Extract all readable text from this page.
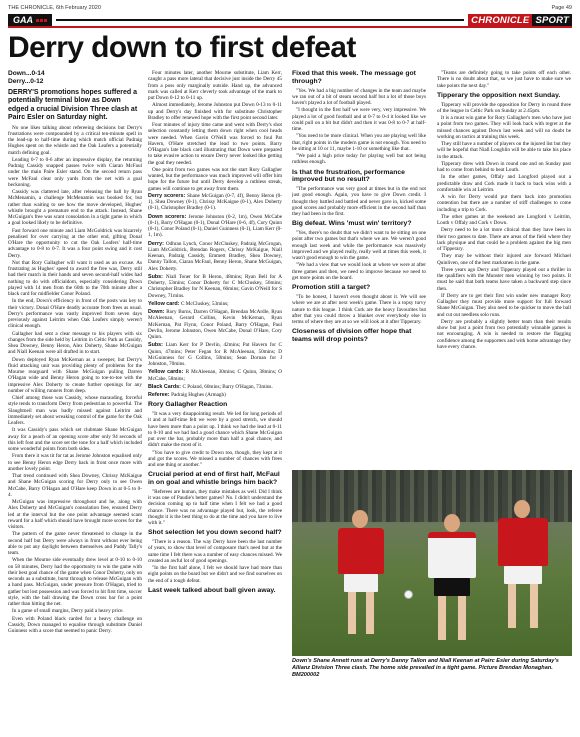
THE CHRONICLE, 6th February 2020	Page 49
GAA	CHRONICLE SPORT
Derry down to first defeat
Down...0-14
Derry...0-12
DERRY'S promotions hopes suffered a potentially terminal blow as Down edged a crucial Division Three clash at Pairc Esler on Saturday night.

No one likes talking about refereeing decisions but Derry's frustrations were compounded by a critical ten-minute spell in the lead-up to half-time during which match official Padraig Hughes spent on the whistle and the Oak Leafers a potentially match defining goal.

Leading 0-7 to 0-6 after an impressive display, the returning Padraig Cassidy snapped passes twice with Ciaran McFaul under the main Paire Esler stand. On the second return pass were McFaul clear only yards from the net with a goal beckoning.

Cassidy was clattered late, after releasing the ball by Ryan McMenamin, a challenge McMenamin was booked for, but rather than waiting to see how the move developed, Hughes' whistle brought a premature end to the attack. Instead, Shane McGuigan's free was scant consolation in a tight game in which a goal looked likely to be definitive.

Fast forward one minute and Liam McGoldrick was bizarrely penalised for over carrying at the other end, gifting Donal O'Hare the opportunity to cut the Oak Leafers' half-time advantage to 0-8 to 0-7. It was a four point swing and it cost Derry.

Not that Rory Gallagher will want it used as an excuse. As frustrating as Hughes' speed to award the free was, Derry still had their match in their hands and seven second-half wides had nothing to do with officialdom, especially considering Down played with 14 men from the 60th to the 70th minute after a black card for midfielder Conor Poland.

In the end, Down's efficiency in front of the posts was key to their victory. Donal O'Hare deadly accurate from frees as usual. Derry's performance was vastly improved from seven days previously against Leitrim when Oak Leafers simply weren't clinical enough.

Gallagher had sent a clear message to his players with six changes from the side held by Leitrim in Celtic Park as Cassidy, Shea Downey, Benny Heron, Alex Doherty, Shane McGuigan and Niall Keenan were all drafted in to start.

Down deployed Ryan McKernan as a sweeper, but Derry's fluid attacking unit was providing plenty of problems for the Mourne rearguard with Shane McGuigan pulling Darren O'Hagan wide and Benny Heron going to toe-to-toe with the impressive Alex Doherty to create further openings for any number of willing runners from deep.

Chief among those was Cassidy, whose marauding, forceful style tends to transform Derry from pedestrian to powerful. The Slaughtneil man was badly missed against Leitrim and immediately set about wreaking control of the game for the Oak Leafers.

It was Cassidy's pass which set clubmate Shane McGuigan away for a peach of an opening score after only 94 seconds of this left foot and the score set the tone for a half which included some wonderful points from both sides.

From there it was tit for tat as Jerome Johnston equalised only to see Benny Heron edge Derry back in front once more with another lovely point.

That trend continued with Shea Downey, Chrissy McKaigue and Shane McGuigan scoring for Derry only to see Owen McCabe, Barry O'Hagan and O'Hare keep Down in at 0-5 to 0-4.

McGuigan was impressive throughout and he, along with Alex Doherty and McGuigan's consolation free, ensured Derry led at the interval but the one point advantage seemed scant reward for a half which should have brought more scores for the visitors.

The pattern of the game never threatened to change in the second half but Derry were always in front without ever being able to put any daylight between themselves and Paddy Tally's team.

When the Mourne side eventually drew level at 0-10 to 0-10 on 58 minutes, Derry had the opportunity to win the game with their best goal chance of the game when Conor Doherty, only on seconds as a substitute, burst through to release McGuigan with a hand pass. McGuigan, under pressure from O'Hagan, tried to gather but lost possession and was forced to hit first time, soccer style, with the ball drawing the Down cross bar for a point rather than hitting the net.

In a game of small margins, Derry paid a heavy price.

Even with Poland black carded for a heavy challenge on Cassidy, Down managed to equalise through substitute Daniel Guinness with a score that seemed to panic Derry.

Four minutes later, another Mourne substitute, Liam Kerr, caught a pass more lateral that decisive just inside the Derry 45 from a poss only marginally outside. Hand up, the advanced mark was called at Kerr cleverly took advantage of the mark to put Down 0-12 to 0-11 up.

Almost immediately, Jerome Johnston put Down 0-13 to 0-11 up and Derry's day finished with for substitute Christopher Bradley to offer renewed hope with the first point second later.

Four minutes of injury time came and went with Derry's shot selection constantly letting them down right when cool heads were needed. When Gavin O'Neill was forced to foul Pat Havern, O'Hare stretched the lead to two points. Barry O'Hagan's late black card illustrating that Down were prepared to take evasive action to ensure Derry never looked like getting the goal they needed.

One point from two games was not the start Rory Gallagher wanted, but the performance was much improved will offer him hope for the future but until Derry develop a ruthless streak, games will continue to get away from them.

Derry scorers: Shane McGuigan (0-7, 4f), Benny Heron (0-1), Shea Downey (0-1), Chrissy McKaigue (0-1), Alex Doherty (0-1), Christopher Bradley (0-1).

Down scorers: Jerome Johnston (0-2, 1m), Owen McCabe (0-1), Barry O'Hagan (0-1), Donal O'Hare (0-6, 4f), Cory Quinn (0-1), Conor Poland (0-1), Daniel Guinness (0-1), Liam Kerr (0-1, 1m).

Derry: Odhran Lynch, Conor McCluskey, Padraig McGrogan, Liam McGoldrick, Brendan Rogers, Chrissy McKaigue, Niall Keenan, Padraig Cassidy, Emmett Bradley, Shea Downey, Danny Tallon, Ciaran McFaul, Benny Heron, Shane McGuigan, Alex Doherty.

Subs: Niall Toner for B Heron, 48mins; Ryan Bell for A Doherty, 53mins; Conor Doherty for C McCluskey, 56mins; Christopher Bradley for N Keenan, 66mins; Gavin O'Neill for S Downey, 71mins.

Yellow card: C McCluskey, 53mins;

Down: Rory Burns, Darren O'Hagan, Brendan McArdle, Ryan McAleenan, Gerard Collins, Kevin McKernan, Ryan McKernan, Pat Flynn, Conor Poland, Barry O'Hagan, Paul Devlin, Jerome Johnston, Owen McCabe, Donal O'Hare, Cory Quinn.

Subs: Liam Kerr for P Devlin, 42mins; Pat Havern for C Quinn, 47mins; Peter Fegan for R McAleenan, 50mins; D McGuinness for G Collins, 50mins; Sean Dornan for J Johnston, 70mins.

Yellow cards: R McAleenan, 30mins; C Quinn, 38mins; O McCabe, 58mins;

Black Cards: C Poland, 60mins; Barry O'Hagan, 73mins.

Referee: Padraig Hughes (Armagh)

Rory Gallagher Reaction

"It was a very disappointing result. We led for long periods of it and at half-time felt we were by a good stretch, we should have been more than a point up. I think we had the lead at 0-11 to 0-10 and we had had a good chance which Shane McGuigan put over the bar, probably more than half a goal chance, and didn't make the most of it.

"You have to give credit to Down too, though, they kept at it and got the scores. We missed a number of chances with frees and one thing or another."

Crucial period at end of first half, McFaul in on goal and whistle brings him back?

"Referees are human, they make mistakes as well. Did I think it was one of Paudie's better games? No. I didn't understand the decision coming up to half time when I felt we had a good chance. There was no advantage played but, look, the referee thought it is the best thing to do at the time and you have to live with it."

Shot selection let you down second half?

"There is a reason. The way Derry have been the last number of years, to show that level of composure that's need but at the same time I felt there was a number of easy chances missed. We created an awful lot of good openings.

"In the first half alone, I felt we should have had more than eight points on the board but we didn't and we find ourselves on the end of a tough defeat.

Last week talked about ball given away.
Fixed that this week. The message got through?

"Yes. We had a big number of changes in the team and maybe we ran out of a bit of steam second half but a lot of those boys haven't played a lot of football played.

"I thought in the first half we were very, very impressive. We played a lot of good football and at 0-7 to 0-4 it looked like we could pull on a bit but didn't and then it was 0-8 to 0-7 at half-time.

"You need to be more clinical. When you are playing well like that, right points in the modern game is not enough. You need to be sitting at 10 or 11, maybe 1-10 or something like that.

"We paid a high price today for playing well but not being ruthless enough.

Is that the frustration, performance improved but no result?

"The performance was very good at times but in the end not just good enough. Again, you have to give Down credit. I thought they battled and battled and never gave in, kicked some good scores and probably more efficient in the second half than they had been in the first.

Big defeat. Wins 'must win' territory?

"Yes, there's no doubt that we didn't want to be sitting on one point after two games but that's where we are. We weren't good enough last week and while the performance was massively improved and we played really, really well at times this week, it wasn't good enough to win the game.

"We had a view that we would look at where we were at after three games and then, we need to improve because we need to get more points on the board.

Promotion still a target?

"To be honest, I haven't even thought about it. We will see where we are at after next week's game. There is a topsy turvy nature to this league. I think Cork are the heavy favourites but after that you could throw a blanket over everybody else in terms of where they are at so we will look at it after Tipperary.

Closeness of division offer hope that teams will drop points?

"Teams are definitely going to take points off each other. There is no doubt about that, so we just have to make sure we take points the next day."

Tipperary the opposition next Sunday.

Tipperary will provide the opposition for Derry in round three of the league in Celtic Park on Sunday at 2.45pm.

It is a must win game for Rory Gallagher's men who have just a point from two games. They will look back with regret at the missed chances against Down last week and will no doubt be working on tactics at training this week.

They still have a number of players on the injured list but they will be hopeful that Niall Loughlin will be able to take his place in the attack.

Tipperary drew with Down in round one and on Sunday past had to come from behind to beat Louth.

In the other games, Offaly and Longford played out a predictable draw and Cork made it back to back wins with a comfortable win at Leitrim.

A win for Derry would put them back into promotion contention but there are a number of stiff challenges to come including a trip to Cork.

The other games at the weekend are Longford v Leitrim, Louth v Offaly and Cork v Down.

Derry need to be a lot more clinical than they have been in their two games to date. There are areas of the field where they lack physique and that could be a problem against the big men of Tipperary.

They may be without their injured ace forward Michael Quinliven, one of the best marksmen in the game.

Three years ago Derry and Tipperary played out a thriller in the qualifiers with the Munster men winning by two points. It must be said that both teams have taken a backward step since then.

If Derry are to get their first win under new manager Rory Gallagher they must provide more support for full forward Shane McGuigan. They also need to be quicker to move the ball and cut out needless solo runs.

Derry are probably a slightly better team than their results show but just a point from two potentially winnable games is not encouraging. A win is needed to restore the flagging confidence among the supporters and with home advantage they have every chance.

Down's Shane Annett runs at Derry's Danny Tallon and Niall Keenan at Pairc Esler during Saturday's Allianz Division Three clash. The home side prevailed in a tight game. Picture Brendan Monaghan. BM200002
